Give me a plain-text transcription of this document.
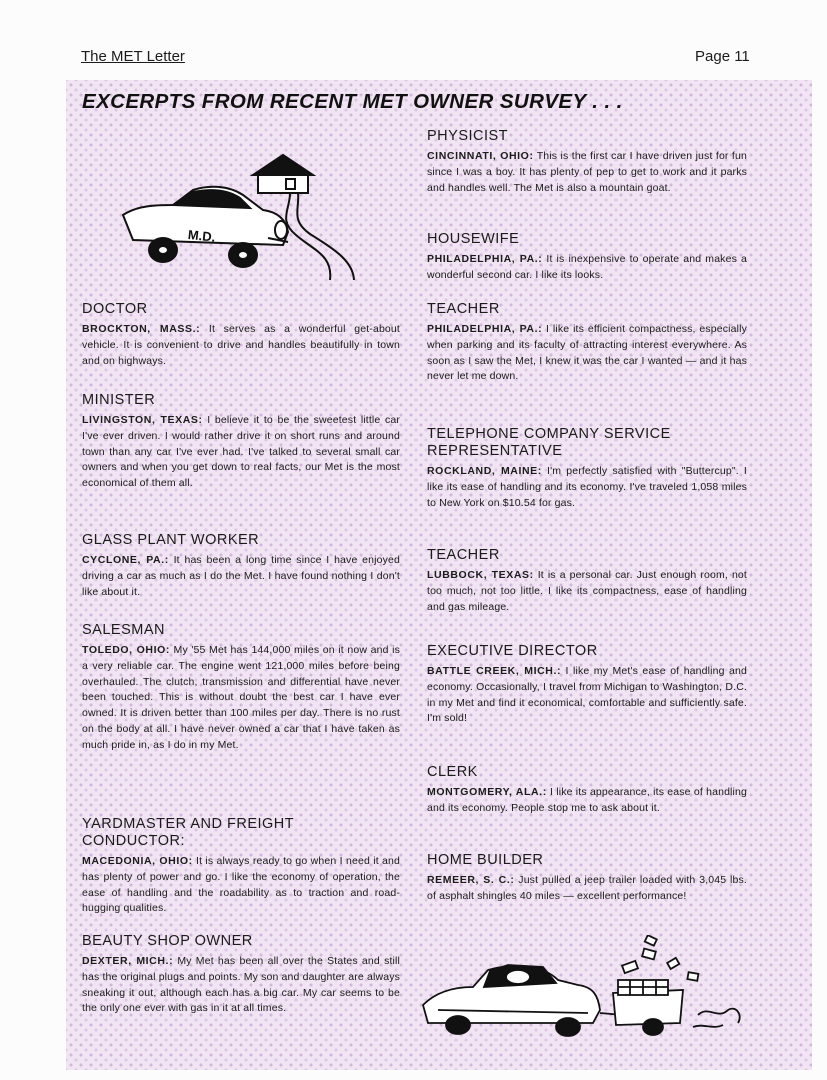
The MET Letter	Page 11
EXCERPTS FROM RECENT MET OWNER SURVEY . . .
M.D.
DOCTOR
BROCKTON, MASS.: It serves as a wonderful get-about vehicle. It is convenient to drive and handles beautifully in town and on highways.
MINISTER
LIVINGSTON, TEXAS: I believe it to be the sweetest little car I've ever driven. I would rather drive it on short runs and around town than any car I've ever had. I've talked to several small car owners and when you get down to real facts, our Met is the most economical of them all.
GLASS PLANT WORKER
CYCLONE, PA.: It has been a long time since I have enjoyed driving a car as much as I do the Met. I have found nothing I don't like about it.
SALESMAN
TOLEDO, OHIO: My '55 Met has 144,000 miles on it now and is a very reliable car. The engine went 121,000 miles before being overhauled. The clutch, transmission and differential have never been touched. This is without doubt the best car I have ever owned. It is driven better than 100 miles per day. There is no rust on the body at all. I have never owned a car that I have taken as much pride in, as I do in my Met.
YARDMASTER AND FREIGHT CONDUCTOR:
MACEDONIA, OHIO: It is always ready to go when I need it and has plenty of power and go. I like the economy of operation, the ease of handling and the roadability as to traction and road-hugging qualities.
BEAUTY SHOP OWNER
DEXTER, MICH.: My Met has been all over the States and still has the original plugs and points. My son and daughter are always sneaking it out, although each has a big car. My car seems to be the only one ever with gas in it at all times.
PHYSICIST
CINCINNATI, OHIO: This is the first car I have driven just for fun since I was a boy. It has plenty of pep to get to work and it parks and handles well. The Met is also a mountain goat.
HOUSEWIFE
PHILADELPHIA, PA.: It is inexpensive to operate and makes a wonderful second car. I like its looks.
TEACHER
PHILADELPHIA, PA.: I like its efficient compactness, especially when parking and its faculty of attracting interest everywhere. As soon as I saw the Met, I knew it was the car I wanted — and it has never let me down.
TELEPHONE COMPANY SERVICE REPRESENTATIVE
ROCKLAND, MAINE: I'm perfectly satisfied with "Buttercup". I like its ease of handling and its economy. I've traveled 1,058 miles to New York on $10.54 for gas.
TEACHER
LUBBOCK, TEXAS: It is a personal car. Just enough room, not too much, not too little. I like its compactness, ease of handling and gas mileage.
EXECUTIVE DIRECTOR
BATTLE CREEK, MICH.: I like my Met's ease of handling and economy. Occasionally, I travel from Michigan to Washington, D.C. in my Met and find it economical, comfortable and sufficiently safe. I'm sold!
CLERK
MONTGOMERY, ALA.: I like its appearance, its ease of handling and its economy. People stop me to ask about it.
HOME BUILDER
REMEER, S. C.: Just pulled a jeep trailer loaded with 3,045 lbs. of asphalt shingles 40 miles — excellent performance!
